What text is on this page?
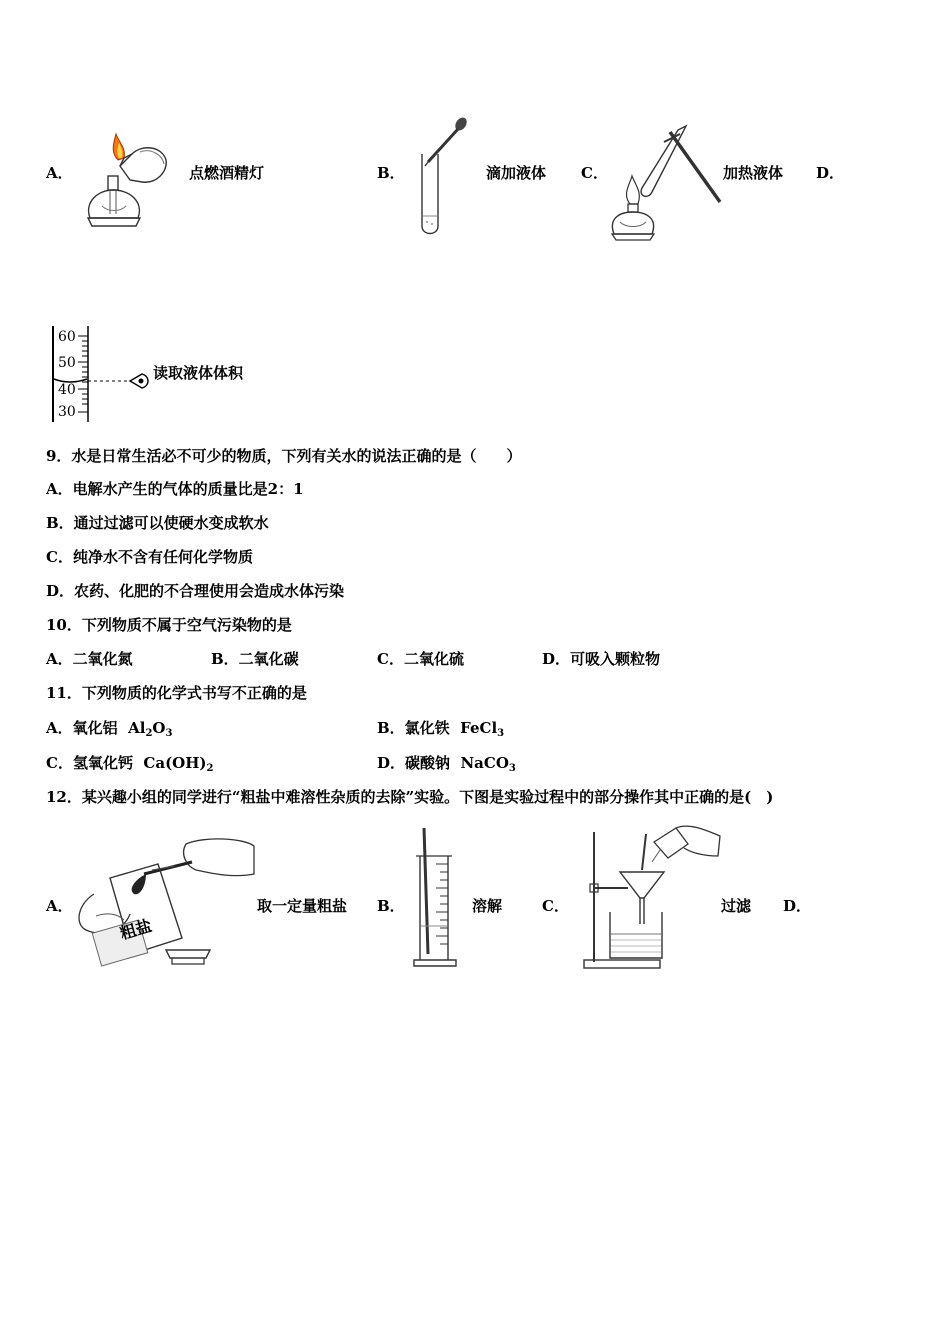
A．	点燃酒精灯	B．	滴加液体 C．	加热液体 D．
60
50
40
30
读取液体体积
9．水是日常生活必不可少的物质，下列有关水的说法正确的是（　　）
A．电解水产生的气体的质量比是2：1
B．通过过滤可以使硬水变成软水
C．纯净水不含有任何化学物质
D．农药、化肥的不合理使用会造成水体污染
10．下列物质不属于空气污染物的是
A．二氧化氮	B．二氧化碳	C．二氧化硫	D．可吸入颗粒物
11．下列物质的化学式书写不正确的是
A．氧化铝 $Al_2O_3$	B．氯化铁 FeCl$_3$
C．氢氧化钙 $Ca(OH)_2$	D．碳酸钠 NaCO$_3$
12．某兴趣小组的同学进行“粗盐中难溶性杂质的去除”实验。下图是实验过程中的部分操作其中正确的是(　)
A．
粗盐
取一定量粗盐 B．	溶解	C．	过滤 D．
